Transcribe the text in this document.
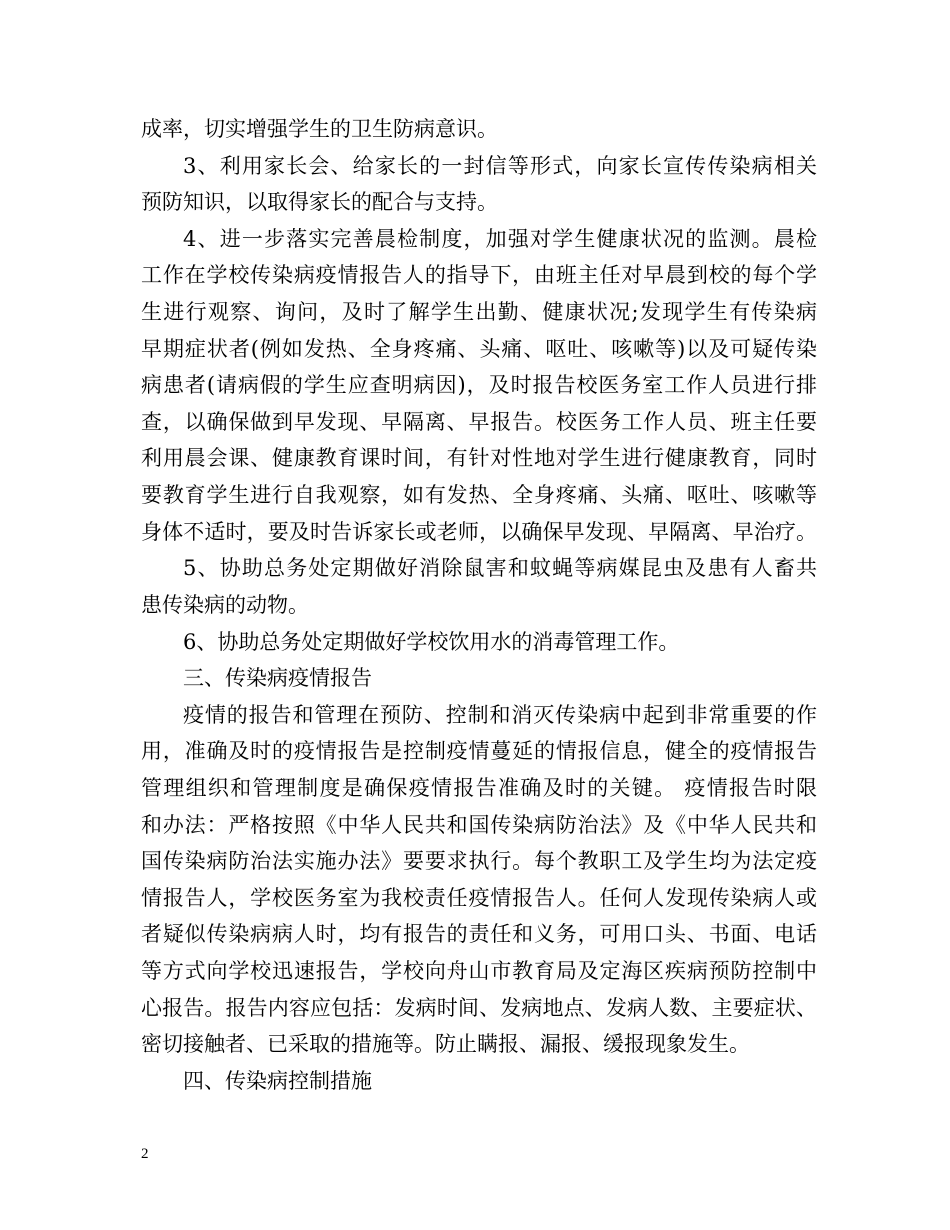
成率，切实增强学生的卫生防病意识。
3、利用家长会、给家长的一封信等形式，向家长宣传传染病相关
预防知识，以取得家长的配合与支持。
4、进一步落实完善晨检制度，加强对学生健康状况的监测。晨检
工作在学校传染病疫情报告人的指导下，由班主任对早晨到校的每个学
生进行观察、询问，及时了解学生出勤、健康状况;发现学生有传染病
早期症状者(例如发热、全身疼痛、头痛、呕吐、咳嗽等)以及可疑传染
病患者(请病假的学生应查明病因)，及时报告校医务室工作人员进行排
查，以确保做到早发现、早隔离、早报告。校医务工作人员、班主任要
利用晨会课、健康教育课时间，有针对性地对学生进行健康教育，同时
要教育学生进行自我观察，如有发热、全身疼痛、头痛、呕吐、咳嗽等
身体不适时，要及时告诉家长或老师，以确保早发现、早隔离、早治疗。
5、协助总务处定期做好消除鼠害和蚊蝇等病媒昆虫及患有人畜共
患传染病的动物。
6、协助总务处定期做好学校饮用水的消毒管理工作。
三、传染病疫情报告
疫情的报告和管理在预防、控制和消灭传染病中起到非常重要的作
用，准确及时的疫情报告是控制疫情蔓延的情报信息，健全的疫情报告
管理组织和管理制度是确保疫情报告准确及时的关键。 疫情报告时限
和办法：严格按照《中华人民共和国传染病防治法》及《中华人民共和
国传染病防治法实施办法》要要求执行。每个教职工及学生均为法定疫
情报告人，学校医务室为我校责任疫情报告人。任何人发现传染病人或
者疑似传染病病人时，均有报告的责任和义务，可用口头、书面、电话
等方式向学校迅速报告，学校向舟山市教育局及定海区疾病预防控制中
心报告。报告内容应包括：发病时间、发病地点、发病人数、主要症状、
密切接触者、已采取的措施等。防止瞒报、漏报、缓报现象发生。
四、传染病控制措施
2
